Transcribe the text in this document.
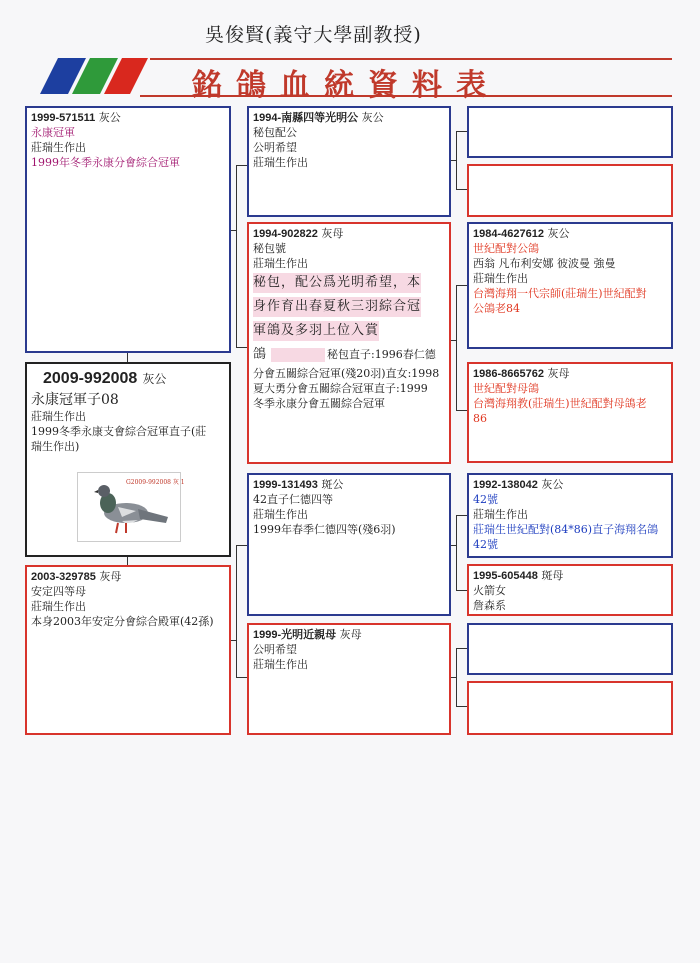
吳俊賢(義守大學副教授)
銘鴿血統資料表
1999-571511 灰公
永康冠軍
莊瑞生作出
1999年冬季永康分會綜合冠軍
2009-992008 灰公
永康冠軍子08
莊瑞生作出
1999冬季永康支會綜合冠軍直子(莊
瑞生作出)
G2009-992008 灰 1
2003-329785 灰母
安定四等母
莊瑞生作出
本身2003年安定分會綜合殿軍(42孫)
1994-南縣四等光明公 灰公
秘包配公
公明希望
莊瑞生作出
1994-902822 灰母
秘包號
莊瑞生作出
秘包，配公爲光明希望，本
身作育出春夏秋三羽綜合冠
軍鴿及多羽上位入賞
鴿	秘包直子:1996春仁德
分會五關綜合冠軍(殘20羽)直女:1998
夏大勇分會五關綜合冠軍直子:1999
冬季永康分會五關綜合冠軍
1999-131493 斑公
42直子仁德四等
莊瑞生作出
1999年春季仁德四等(殘6羽)
1999-光明近親母 灰母
公明希望
莊瑞生作出
1984-4627612 灰公
世紀配對公鴿
西翁 凡布利安娜 彼波曼 強曼
莊瑞生作出
台灣海翔一代宗師(莊瑞生)世紀配對
公鴿老84
1986-8665762 灰母
世紀配對母鴿
台灣海翔教(莊瑞生)世紀配對母鴿老
86
1992-138042 灰公
42號
莊瑞生作出
莊瑞生世紀配對(84*86)直子海翔名鴿
42號
1995-605448 斑母
火箭女
詹森系
